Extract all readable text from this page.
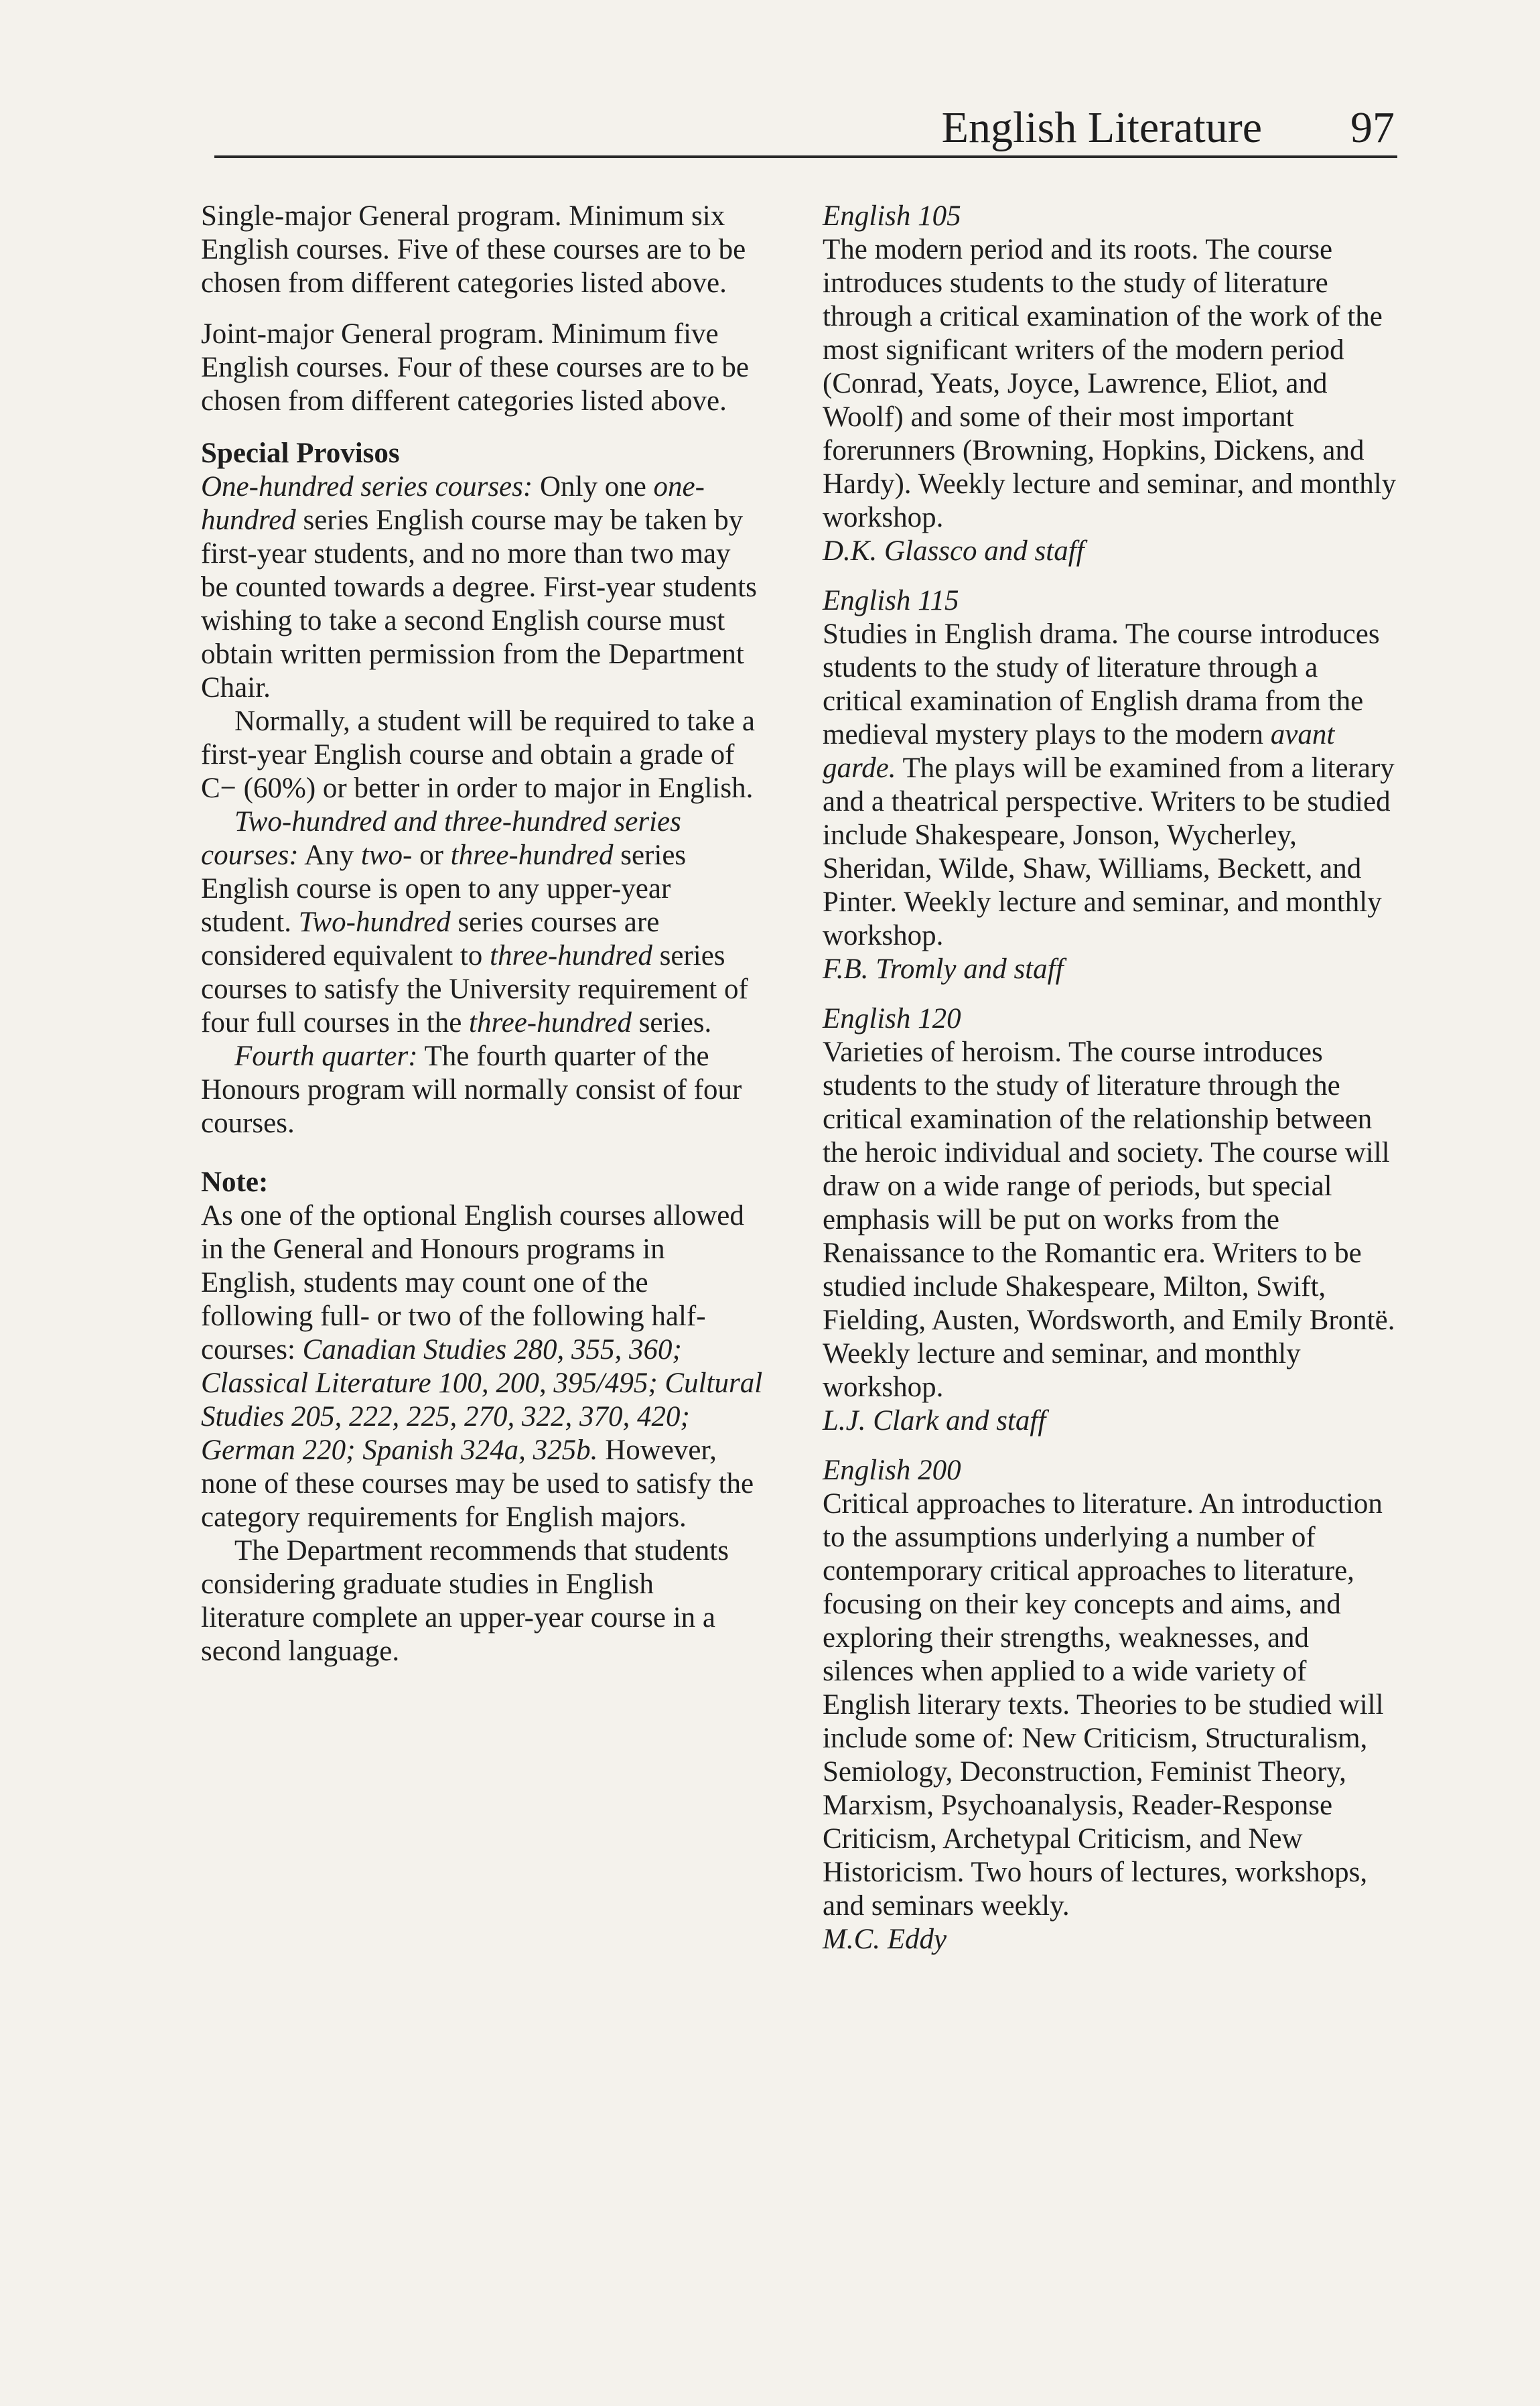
English Literature 97

Single-major General program. Minimum six English courses. Five of these courses are to be chosen from different categories listed above.

Joint-major General program. Minimum five English courses. Four of these courses are to be chosen from different categories listed above.

Special Provisos

One-hundred series courses: Only one one-hundred series English course may be taken by first-year students, and no more than two may be counted towards a degree. First-year students wishing to take a second English course must obtain written permission from the Department Chair.

Normally, a student will be required to take a first-year English course and obtain a grade of C− (60%) or better in order to major in English.

Two-hundred and three-hundred series courses: Any two- or three-hundred series English course is open to any upper-year student. Two-hundred series courses are considered equivalent to three-hundred series courses to satisfy the University requirement of four full courses in the three-hundred series.

Fourth quarter: The fourth quarter of the Honours program will normally consist of four courses.

Note:

As one of the optional English courses allowed in the General and Honours programs in English, students may count one of the following full- or two of the following half-courses: Canadian Studies 280, 355, 360; Classical Literature 100, 200, 395/495; Cultural Studies 205, 222, 225, 270, 322, 370, 420; German 220; Spanish 324a, 325b. However, none of these courses may be used to satisfy the category requirements for English majors.

The Department recommends that students considering graduate studies in English literature complete an upper-year course in a second language.

English 105

The modern period and its roots. The course introduces students to the study of literature through a critical examination of the work of the most significant writers of the modern period (Conrad, Yeats, Joyce, Lawrence, Eliot, and Woolf) and some of their most important forerunners (Browning, Hopkins, Dickens, and Hardy). Weekly lecture and seminar, and monthly workshop.

D.K. Glassco and staff

English 115

Studies in English drama. The course introduces students to the study of literature through a critical examination of English drama from the medieval mystery plays to the modern avant garde. The plays will be examined from a literary and a theatrical perspective. Writers to be studied include Shakespeare, Jonson, Wycherley, Sheridan, Wilde, Shaw, Williams, Beckett, and Pinter. Weekly lecture and seminar, and monthly workshop.

F.B. Tromly and staff

English 120

Varieties of heroism. The course introduces students to the study of literature through the critical examination of the relationship between the heroic individual and society. The course will draw on a wide range of periods, but special emphasis will be put on works from the Renaissance to the Romantic era. Writers to be studied include Shakespeare, Milton, Swift, Fielding, Austen, Wordsworth, and Emily Brontë. Weekly lecture and seminar, and monthly workshop.

L.J. Clark and staff

English 200

Critical approaches to literature. An introduction to the assumptions underlying a number of contemporary critical approaches to literature, focusing on their key concepts and aims, and exploring their strengths, weaknesses, and silences when applied to a wide variety of English literary texts. Theories to be studied will include some of: New Criticism, Structuralism, Semiology, Deconstruction, Feminist Theory, Marxism, Psychoanalysis, Reader-Response Criticism, Archetypal Criticism, and New Historicism. Two hours of lectures, workshops, and seminars weekly.

M.C. Eddy
